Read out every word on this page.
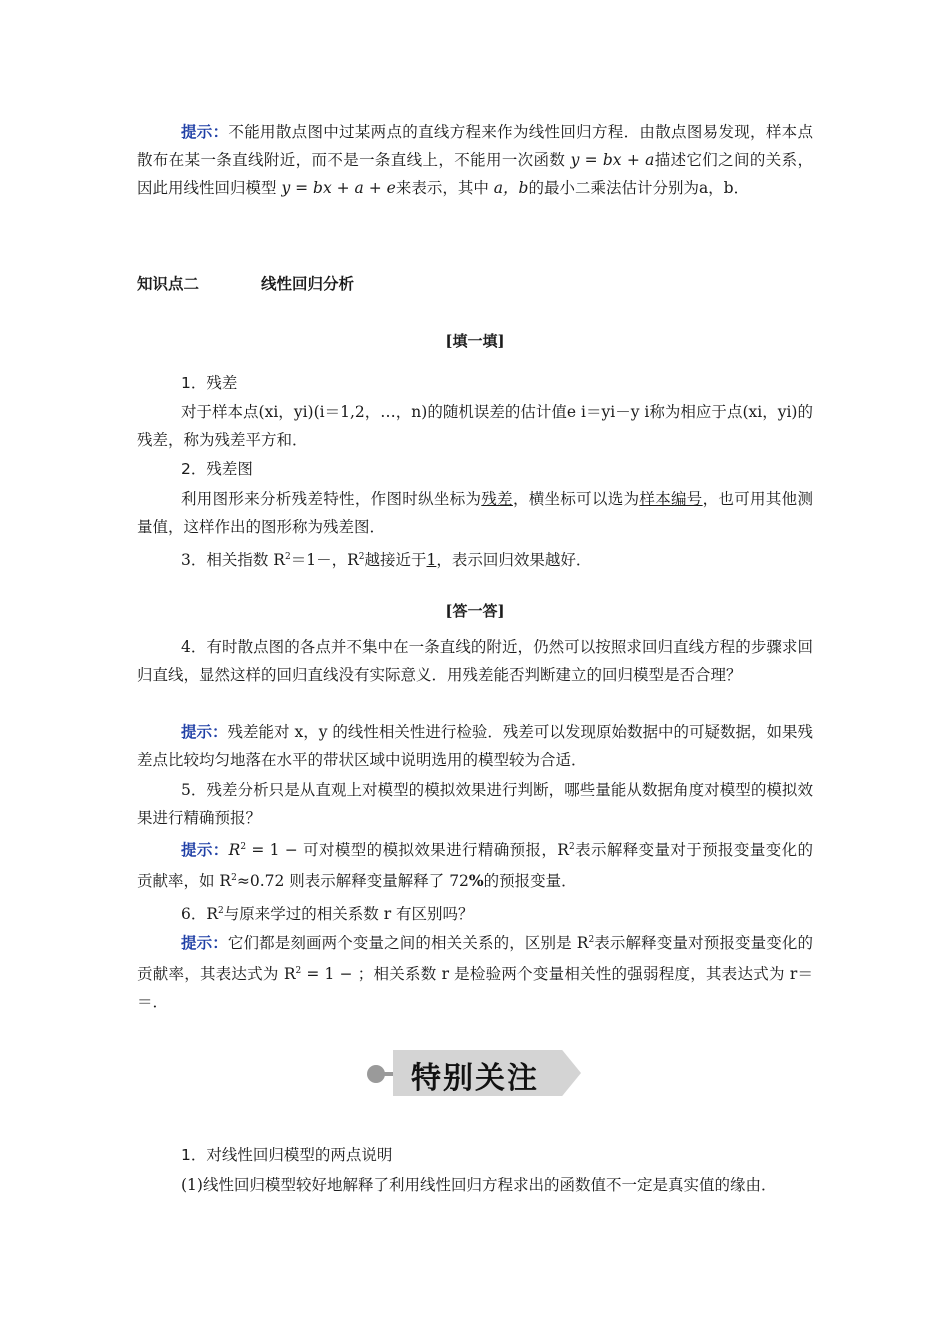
提示：不能用散点图中过某两点的直线方程来作为线性回归方程．由散点图易发现，样本点散布在某一条直线附近，而不是一条直线上，不能用一次函数 y = bx + a描述它们之间的关系，因此用线性回归模型 y = bx + a + e来表示，其中 a，b的最小二乘法估计分别为a，b．
知识点二	线性回归分析
[填一填]
1．残差
对于样本点(xi，yi)(i＝1,2，…，n)的随机误差的估计值e i＝yi－y i称为相应于点(xi，yi)的残差，称为残差平方和．
2．残差图
利用图形来分析残差特性，作图时纵坐标为残差，横坐标可以选为样本编号，也可用其他测量值，这样作出的图形称为残差图．
3．相关指数 $R^2=1-$，$R^2$越接近于1，表示回归效果越好．
[答一答]
4．有时散点图的各点并不集中在一条直线的附近，仍然可以按照求回归直线方程的步骤求回归直线，显然这样的回归直线没有实际意义．用残差能否判断建立的回归模型是否合理？
提示：残差能对 x，y 的线性相关性进行检验．残差可以发现原始数据中的可疑数据，如果残差点比较均匀地落在水平的带状区域中说明选用的模型较为合适．
5．残差分析只是从直观上对模型的模拟效果进行判断，哪些量能从数据角度对模型的模拟效果进行精确预报？
提示：$R^2 = 1$ − 可对模型的模拟效果进行精确预报，$R^2$表示解释变量对于预报变量变化的贡献率，如 $R^2\approx 0.72$ 则表示解释变量解释了 72%的预报变量．
6．$R^2$与原来学过的相关系数 r 有区别吗？
提示：它们都是刻画两个变量之间的相关关系的，区别是 $R^2$表示解释变量对预报变量变化的贡献率，其表达式为 $R^2 = 1$ − ；相关系数 r 是检验两个变量相关性的强弱程度，其表达式为 r＝＝．
特别关注
1．对线性回归模型的两点说明
(1)线性回归模型较好地解释了利用线性回归方程求出的函数值不一定是真实值的缘由．
